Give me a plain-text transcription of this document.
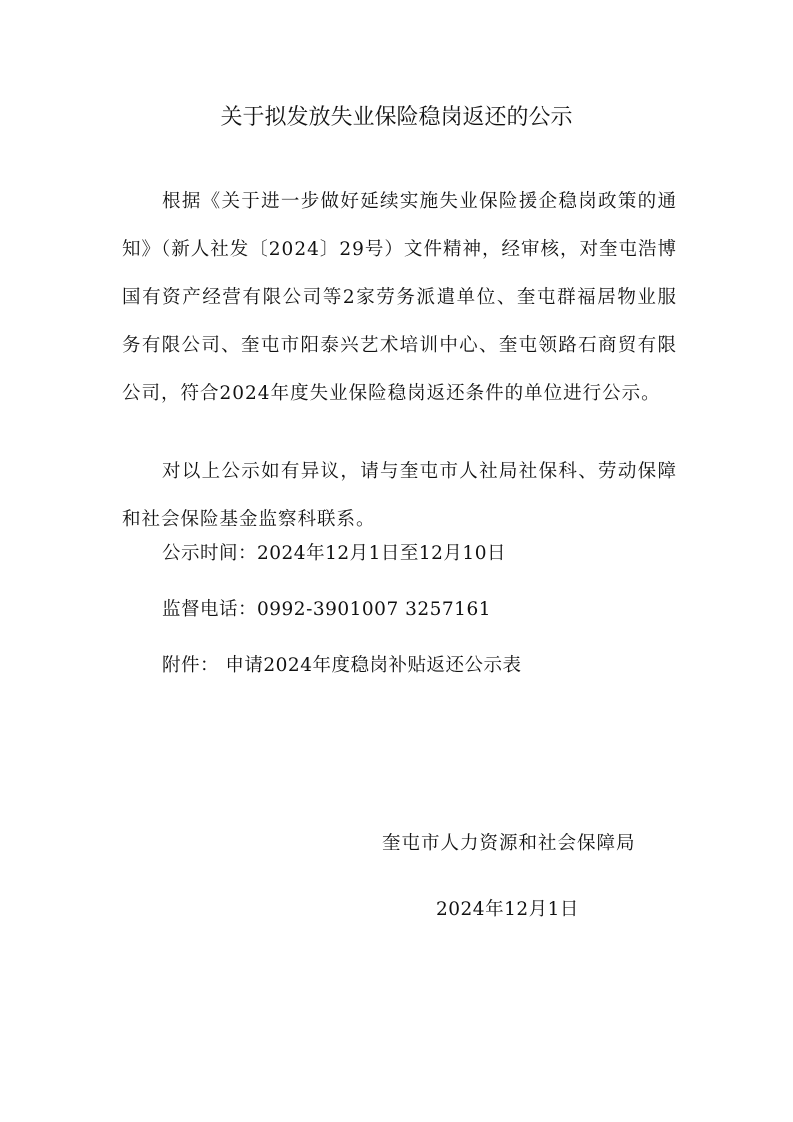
关于拟发放失业保险稳岗返还的公示

根据《关于进一步做好延续实施失业保险援企稳岗政策的通知》（新人社发〔2024〕29号）文件精神，经审核，对奎屯浩博国有资产经营有限公司等2家劳务派遣单位、奎屯群福居物业服务有限公司、奎屯市阳泰兴艺术培训中心、奎屯领路石商贸有限公司，符合2024年度失业保险稳岗返还条件的单位进行公示。

对以上公示如有异议，请与奎屯市人社局社保科、劳动保障和社会保险基金监察科联系。

公示时间：2024年12月1日至12月10日

监督电话：0992-3901007 3257161

附件： 申请2024年度稳岗补贴返还公示表

奎屯市人力资源和社会保障局
2024年12月1日
